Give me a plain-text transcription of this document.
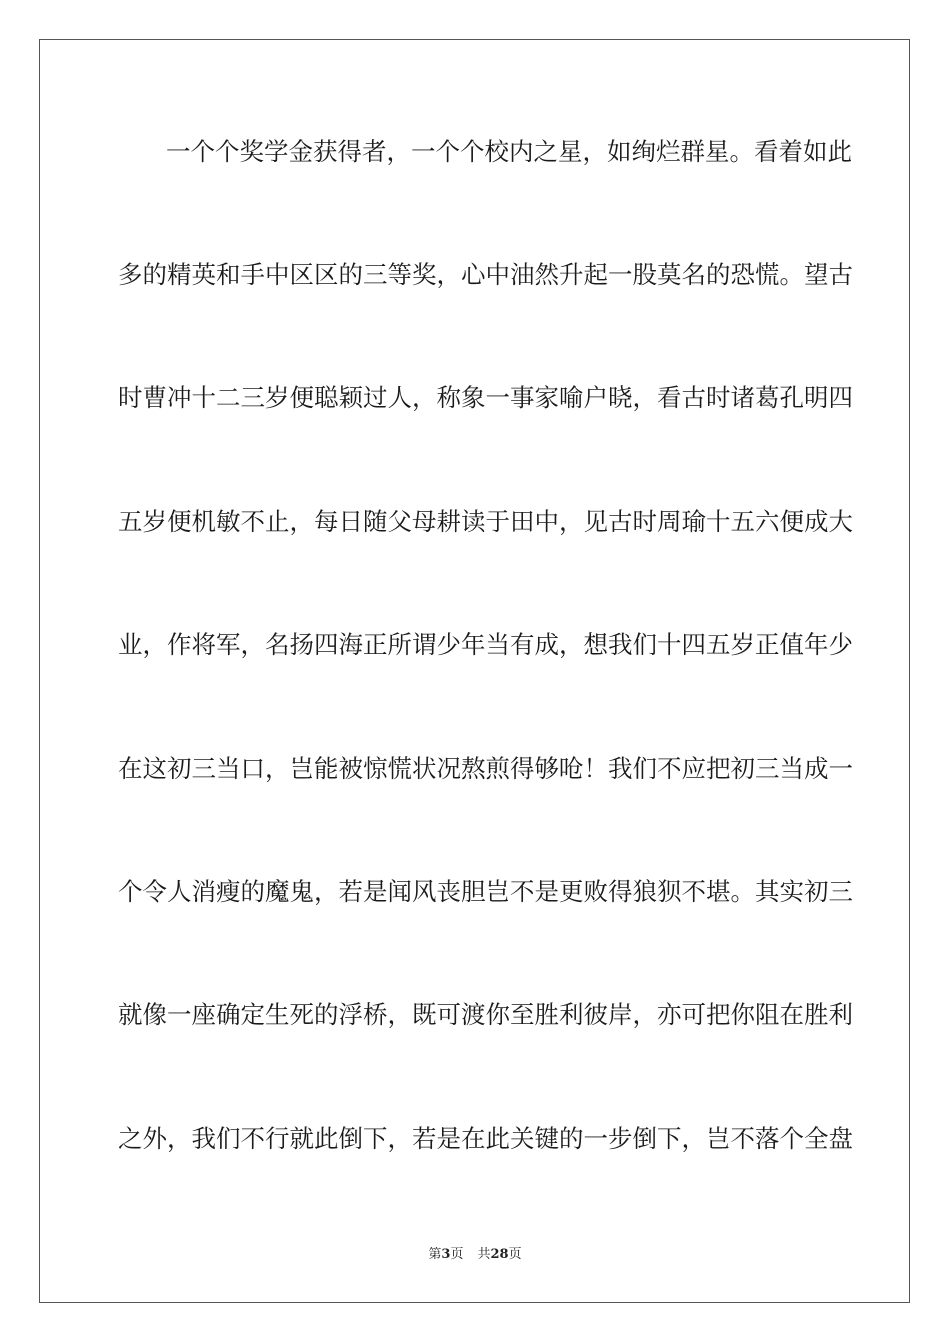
一个个奖学金获得者，一个个校内之星，如绚烂群星。看着如此

多的精英和手中区区的三等奖，心中油然升起一股莫名的恐慌。望古

时曹冲十二三岁便聪颖过人，称象一事家喻户晓，看古时诸葛孔明四

五岁便机敏不止，每日随父母耕读于田中，见古时周瑜十五六便成大

业，作将军，名扬四海正所谓少年当有成，想我们十四五岁正值年少

在这初三当口，岂能被惊慌状况熬煎得够呛！我们不应把初三当成一

个令人消瘦的魔鬼，若是闻风丧胆岂不是更败得狼狈不堪。其实初三

就像一座确定生死的浮桥，既可渡你至胜利彼岸，亦可把你阻在胜利

之外，我们不行就此倒下，若是在此关键的一步倒下，岂不落个全盘

第3页 共28页
